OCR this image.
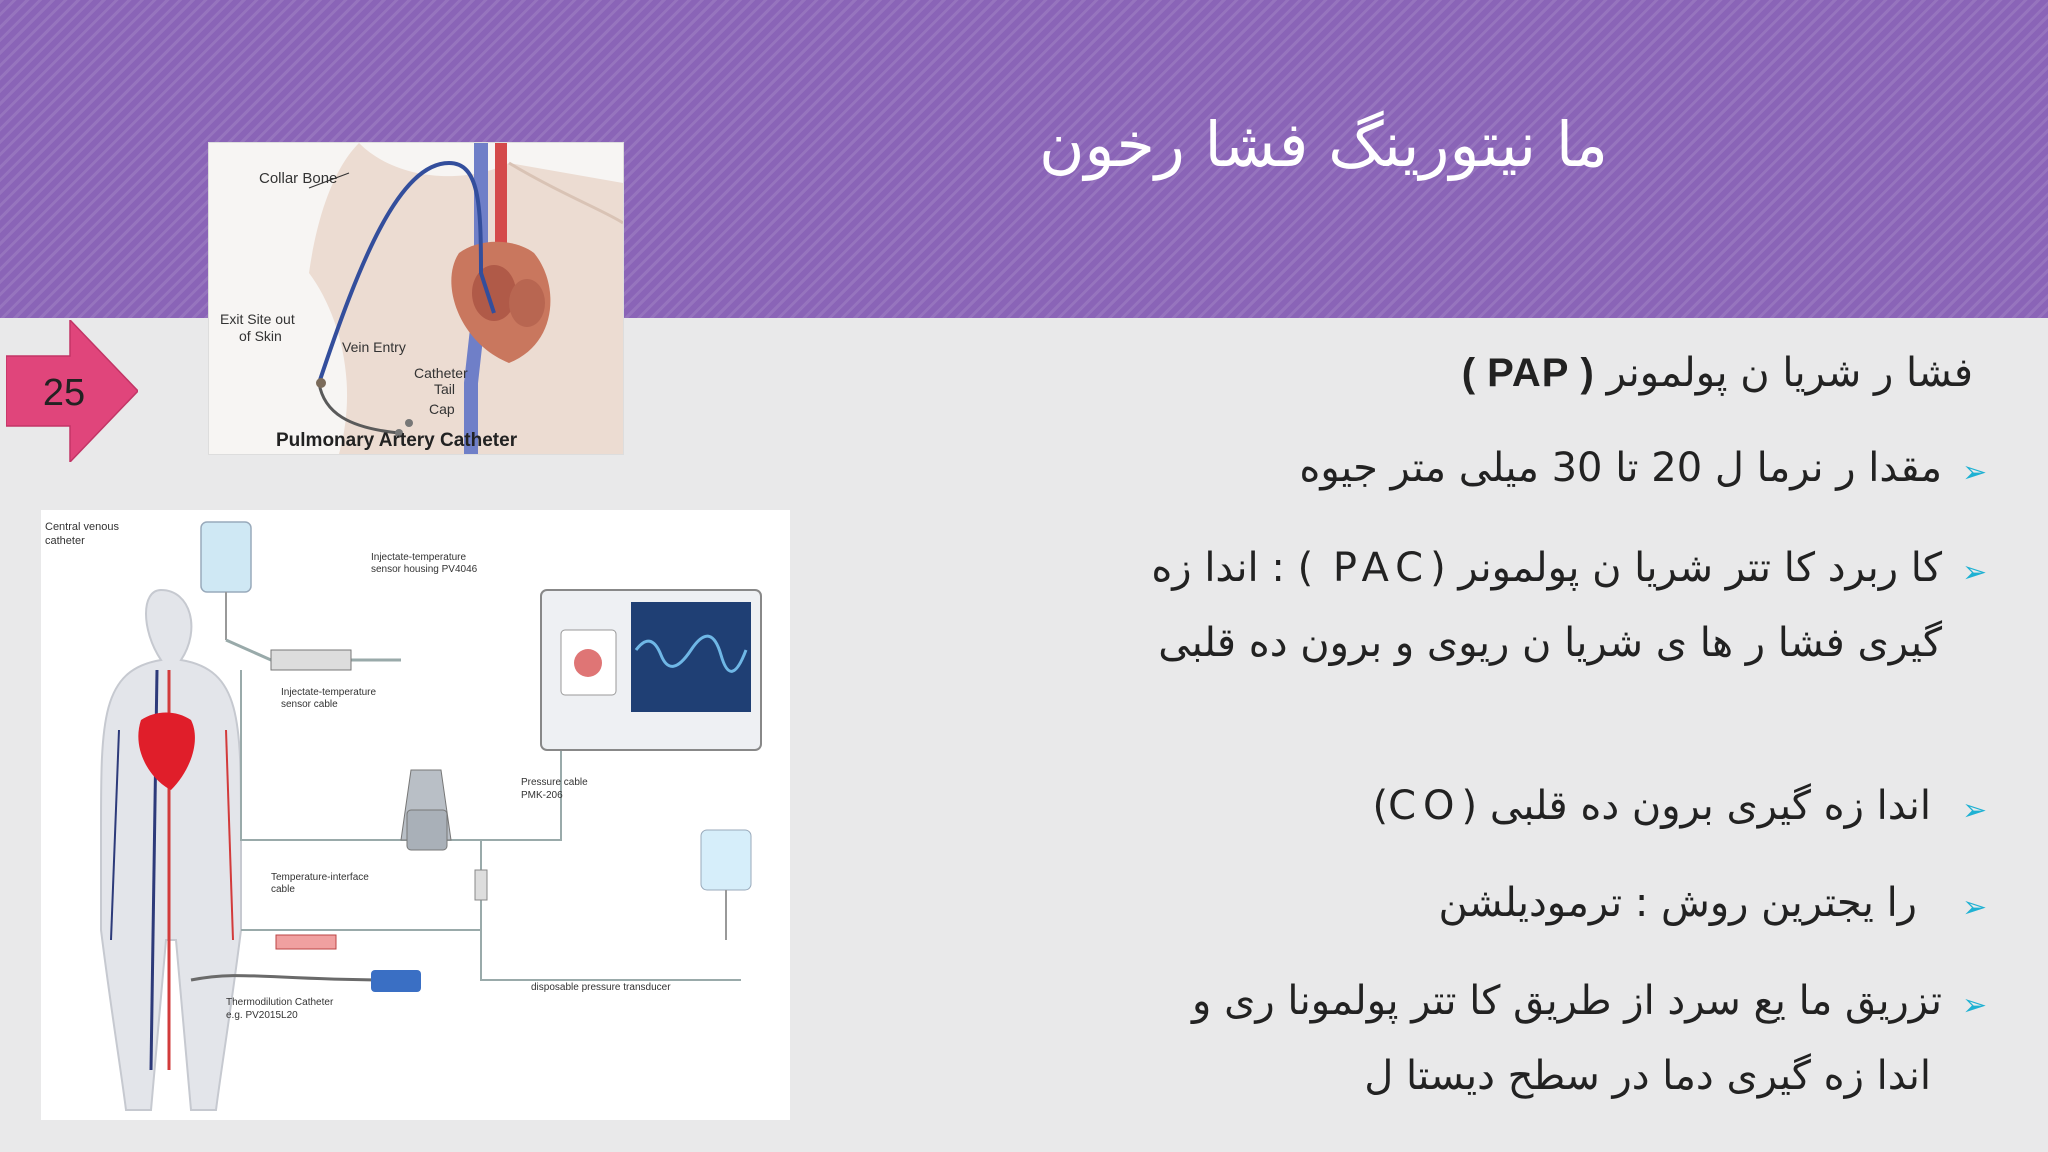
ما نیتورینگ فشا رخون
Collar Bone
Exit Site out
of Skin
Vein Entry
Catheter
Tail
Cap
Pulmonary Artery Catheter
Central venous
catheter
Injectate-temperature
sensor housing PV4046
Injectate-temperature
sensor cable
Pressure cable
PMK-206
Temperature-interface
cable
Thermodilution Catheter
e.g. PV2015L20
disposable pressure transducer
25	فشا ر شریا ن پولمونر ( PAP )
➢
مقدا ر نرما ل 20 تا 30 میلی متر جیوه
➢
کا ربرد کا تتر شریا ن پولمونر (PAC ) : اندا زه
گیری فشا ر ها ی شریا ن ریوی و برون ده قلبی
➢
اندا زه گیری برون ده قلبی (CO)
➢
را یجترین روش : ترمودیلشن
➢
تزریق ما یع سرد از طریق کا تتر پولمونا ری و
اندا زه گیری دما در سطح دیستا ل
